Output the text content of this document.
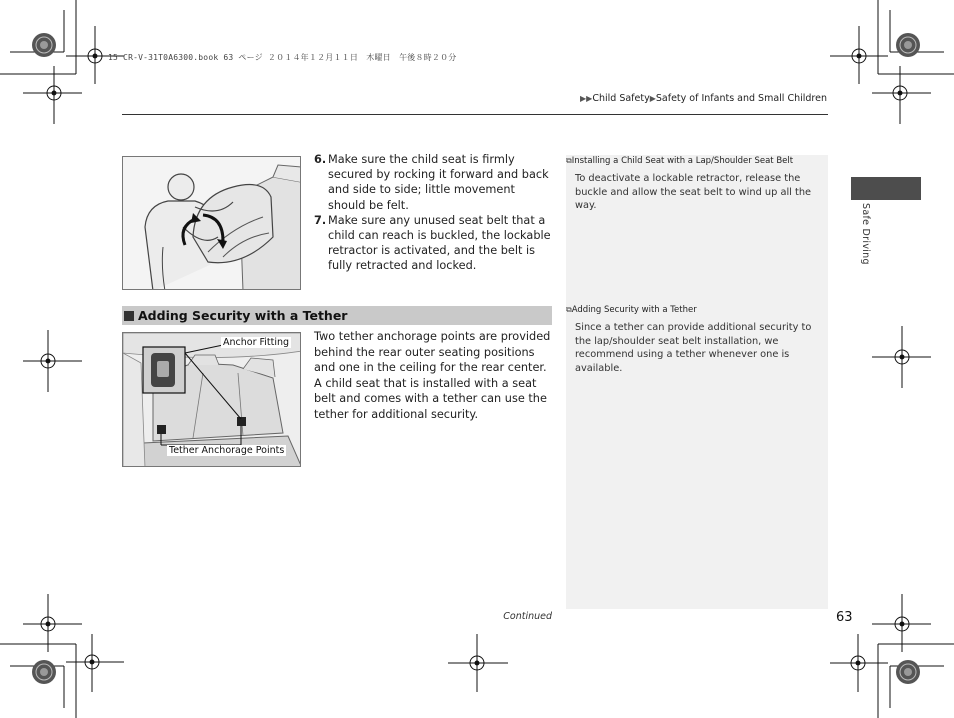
15 CR-V-31T0A6300.book 63 ページ ２０１４年１２月１１日　木曜日　午後８時２０分
▶▶Child Safety▶Safety of Infants and Small Children
Safe Driving
6. Make sure the child seat is firmly secured by rocking it forward and back and side to side; little movement should be felt.
7. Make sure any unused seat belt that a child can reach is buckled, the lockable retractor is activated, and the belt is fully retracted and locked.
Adding Security with a Tether
Anchor Fitting
Tether Anchorage Points
Two tether anchorage points are provided behind the rear outer seating positions and one in the ceiling for the rear center. A child seat that is installed with a seat belt and comes with a tether can use the tether for additional security.
⧉Installing a Child Seat with a Lap/Shoulder Seat Belt
To deactivate a lockable retractor, release the buckle and allow the seat belt to wind up all the way.
⧉Adding Security with a Tether
Since a tether can provide additional security to the lap/shoulder seat belt installation, we recommend using a tether whenever one is available.
Continued	63
